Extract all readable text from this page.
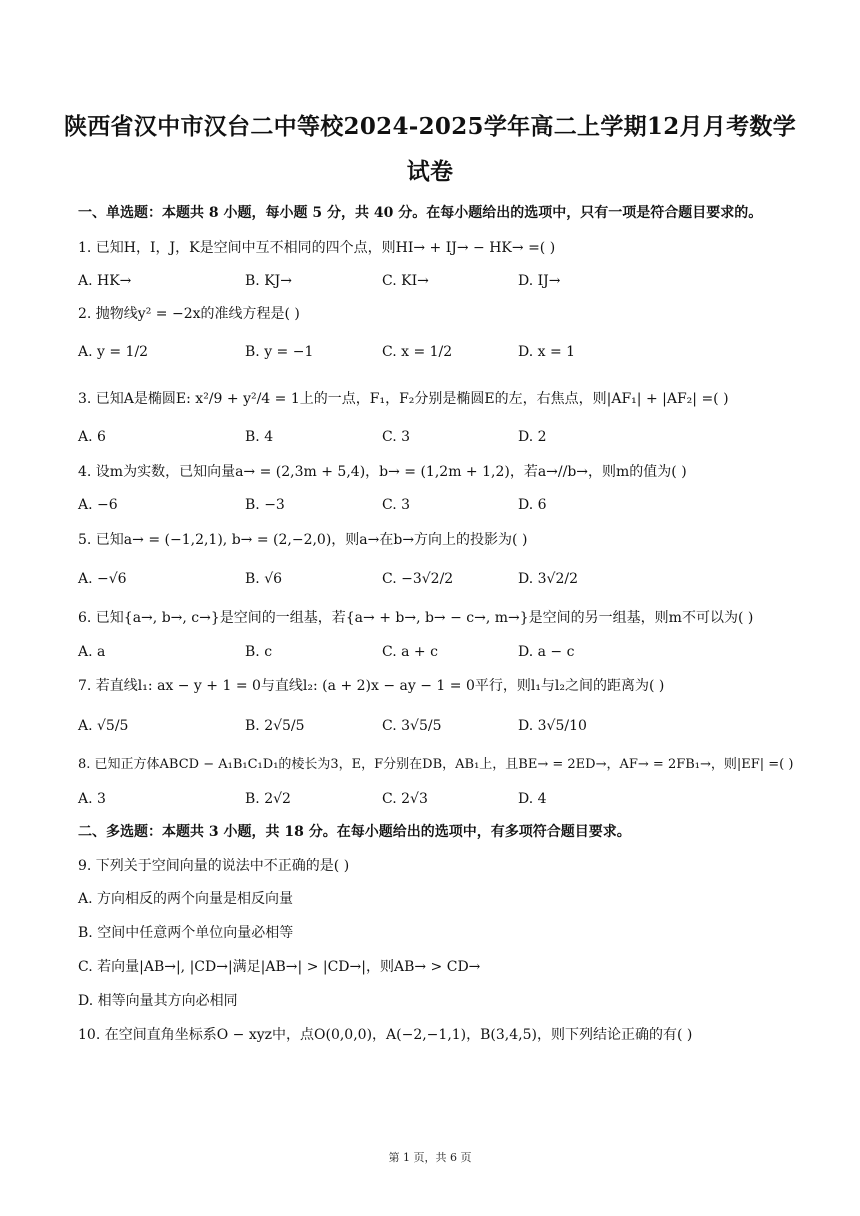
陕西省汉中市汉台二中等校2024-2025学年高二上学期12月月考数学
试卷
一、单选题：本题共 8 小题，每小题 5 分，共 40 分。在每小题给出的选项中，只有一项是符合题目要求的。
1. 已知H，I，J，K是空间中互不相同的四个点，则HI→ + IJ→ − HK→ =( )
A. HK→	B. KJ→	C. KI→	D. IJ→
2. 抛物线y² = −2x的准线方程是( )
A. y = 1/2	B. y = −1	C. x = 1/2	D. x = 1
3. 已知A是椭圆E: x²/9 + y²/4 = 1上的一点，F₁，F₂分别是椭圆E的左，右焦点，则|AF₁| + |AF₂| =( )
A. 6	B. 4	C. 3	D. 2
4. 设m为实数，已知向量a→ = (2,3m + 5,4)，b→ = (1,2m + 1,2)，若a→//b→，则m的值为( )
A. −6	B. −3	C. 3	D. 6
5. 已知a→ = (−1,2,1), b→ = (2,−2,0)，则a→在b→方向上的投影为( )
A. −√6	B. √6	C. −3√2/2	D. 3√2/2
6. 已知{a→, b→, c→}是空间的一组基，若{a→ + b→, b→ − c→, m→}是空间的另一组基，则m不可以为( )
A. a	B. c	C. a + c	D. a − c
7. 若直线l₁: ax − y + 1 = 0与直线l₂: (a + 2)x − ay − 1 = 0平行，则l₁与l₂之间的距离为( )
A. √5/5	B. 2√5/5	C. 3√5/5	D. 3√5/10
8. 已知正方体ABCD − A₁B₁C₁D₁的棱长为3，E，F分别在DB，AB₁上，且BE→ = 2ED→，AF→ = 2FB₁→，则|EF| =( )
A. 3	B. 2√2	C. 2√3	D. 4
二、多选题：本题共 3 小题，共 18 分。在每小题给出的选项中，有多项符合题目要求。
9. 下列关于空间向量的说法中不正确的是( )
A. 方向相反的两个向量是相反向量
B. 空间中任意两个单位向量必相等
C. 若向量|AB→|, |CD→|满足|AB→| > |CD→|，则AB→ > CD→
D. 相等向量其方向必相同
10. 在空间直角坐标系O − xyz中，点O(0,0,0)，A(−2,−1,1)，B(3,4,5)，则下列结论正确的有( )
第 1 页，共 6 页
